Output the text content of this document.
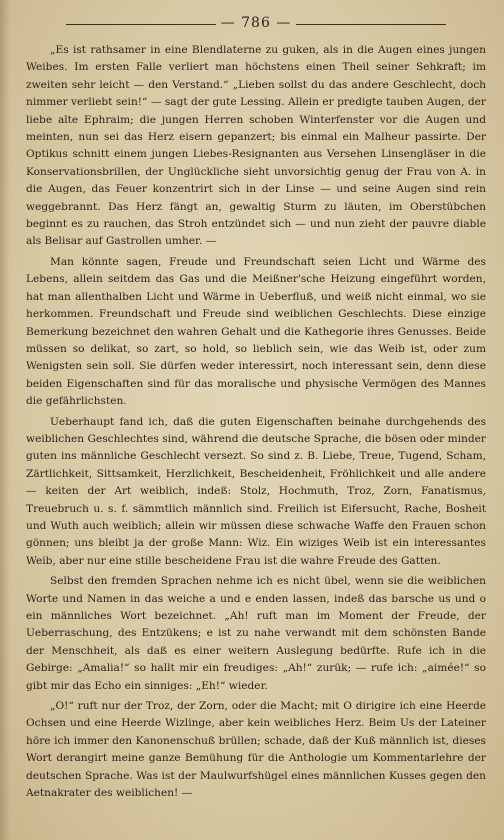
— 786 —

„Es ist rathsamer in eine Blendlaterne zu guken, als in die Augen eines jungen Weibes. Im ersten Falle verliert man höchstens einen Theil seiner Sehkraft; im zweiten sehr leicht — den Verstand.“ „Lieben sollst du das andere Geschlecht, doch nimmer verliebt sein!“ — sagt der gute Lessing. Allein er predigte tauben Augen, der liebe alte Ephraim; die jungen Herren schoben Winterfenster vor die Augen und meinten, nun sei das Herz eisern gepanzert; bis einmal ein Malheur passirte. Der Optikus schnitt einem jungen Liebes-Resignanten aus Versehen Linsengläser in die Konservationsbrillen, der Unglückliche sieht unvorsichtig genug der Frau von A. in die Augen, das Feuer konzentrirt sich in der Linse — und seine Augen sind rein weggebrannt. Das Herz fängt an, gewaltig Sturm zu läuten, im Oberstübchen beginnt es zu rauchen, das Stroh entzündet sich — und nun zieht der pauvre diable als Belisar auf Gastrollen umher. —

Man könnte sagen, Freude und Freundschaft seien Licht und Wärme des Lebens, allein seitdem das Gas und die Meißner'sche Heizung eingeführt worden, hat man allenthalben Licht und Wärme in Ueberfluß, und weiß nicht einmal, wo sie herkommen. Freundschaft und Freude sind weiblichen Geschlechts. Diese einzige Bemerkung bezeichnet den wahren Gehalt und die Kathegorie ihres Genusses. Beide müssen so delikat, so zart, so hold, so lieblich sein, wie das Weib ist, oder zum Wenigsten sein soll. Sie dürfen weder interessirt, noch interessant sein, denn diese beiden Eigenschaften sind für das moralische und physische Vermögen des Mannes die gefährlichsten.

Ueberhaupt fand ich, daß die guten Eigenschaften beinahe durchgehends des weiblichen Geschlechtes sind, während die deutsche Sprache, die bösen oder minder guten ins männliche Geschlecht versezt. So sind z. B. Liebe, Treue, Tugend, Scham, Zärtlichkeit, Sittsamkeit, Herzlichkeit, Bescheidenheit, Fröhlichkeit und alle andere — keiten der Art weiblich, indeß: Stolz, Hochmuth, Troz, Zorn, Fanatismus, Treuebruch u. s. f. sämmtlich männlich sind. Freilich ist Eifersucht, Rache, Bosheit und Wuth auch weiblich; allein wir müssen diese schwache Waffe den Frauen schon gönnen; uns bleibt ja der große Mann: Wiz. Ein wiziges Weib ist ein interessantes Weib, aber nur eine stille bescheidene Frau ist die wahre Freude des Gatten.

Selbst den fremden Sprachen nehme ich es nicht übel, wenn sie die weiblichen Worte und Namen in das weiche a und e enden lassen, indeß das barsche us und o ein männliches Wort bezeichnet. „Ah! ruft man im Moment der Freude, der Ueberraschung, des Entzükens; e ist zu nahe verwandt mit dem schönsten Bande der Menschheit, als daß es einer weitern Auslegung bedürfte. Rufe ich in die Gebirge: „Amalia!“ so hallt mir ein freudiges: „Ah!“ zurük; — rufe ich: „aimée!“ so gibt mir das Echo ein sinniges: „Eh!“ wieder.

„O!“ ruft nur der Troz, der Zorn, oder die Macht; mit O dirigire ich eine Heerde Ochsen und eine Heerde Wizlinge, aber kein weibliches Herz. Beim Us der Lateiner höre ich immer den Kanonenschuß brüllen; schade, daß der Kuß männlich ist, dieses Wort derangirt meine ganze Bemühung für die Anthologie um Kommentarlehre der deutschen Sprache. Was ist der Maulwurfshügel eines männlichen Kusses gegen den Aetnakrater des weiblichen! —
